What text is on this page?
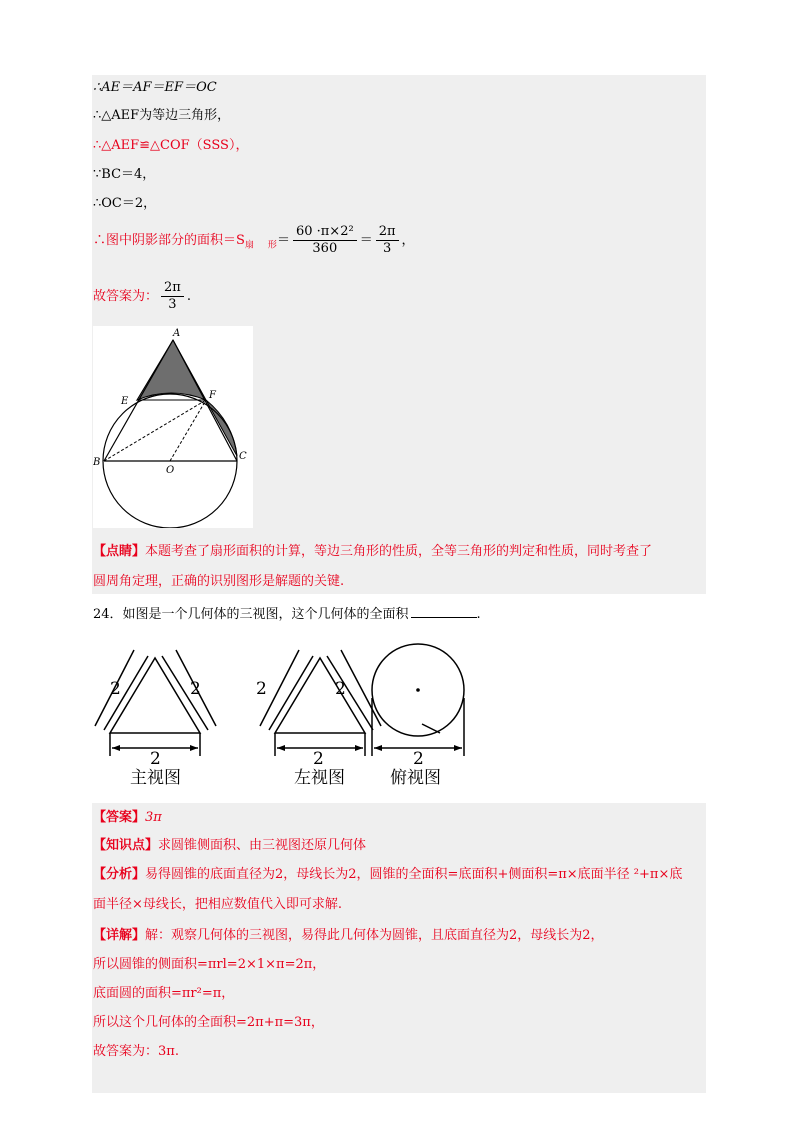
∴AE＝AF＝EF＝OC
∴△AEF为等边三角形，
∴△AEF≌△COF（SSS），
∵BC＝4，
∴OC＝2，
∴图中阴影部分的面积$=S_扇$ $_形= \frac{\text{60 ·π×2²}}{360} = \frac{2\pi}{3}$ ，
故答案为： $\frac{2\pi}{3}$ .
A
E
F
B
O
C
【点睛】本题考查了扇形面积的计算，等边三角形的性质，全等三角形的判定和性质，同时考查了
圆周角定理，正确的识别图形是解题的关键.
24．如图是一个几何体的三视图，这个几何体的全面积	.
2	2
2
2	2
2	2
主视图	左视图	俯视图
【答案】3π
【知识点】求圆锥侧面积、由三视图还原几何体
【分析】易得圆锥的底面直径为2，母线长为2，圆锥的全面积=底面积+侧面积=π×底面半径 ²+π×底
面半径×母线长，把相应数值代入即可求解.
【详解】解：观察几何体的三视图，易得此几何体为圆锥，且底面直径为2，母线长为2，
所以圆锥的侧面积=πrl=2×1×π=2π，
底面圆的面积=πr²=π，
所以这个几何体的全面积=2π+π=3π，
故答案为：3π.
